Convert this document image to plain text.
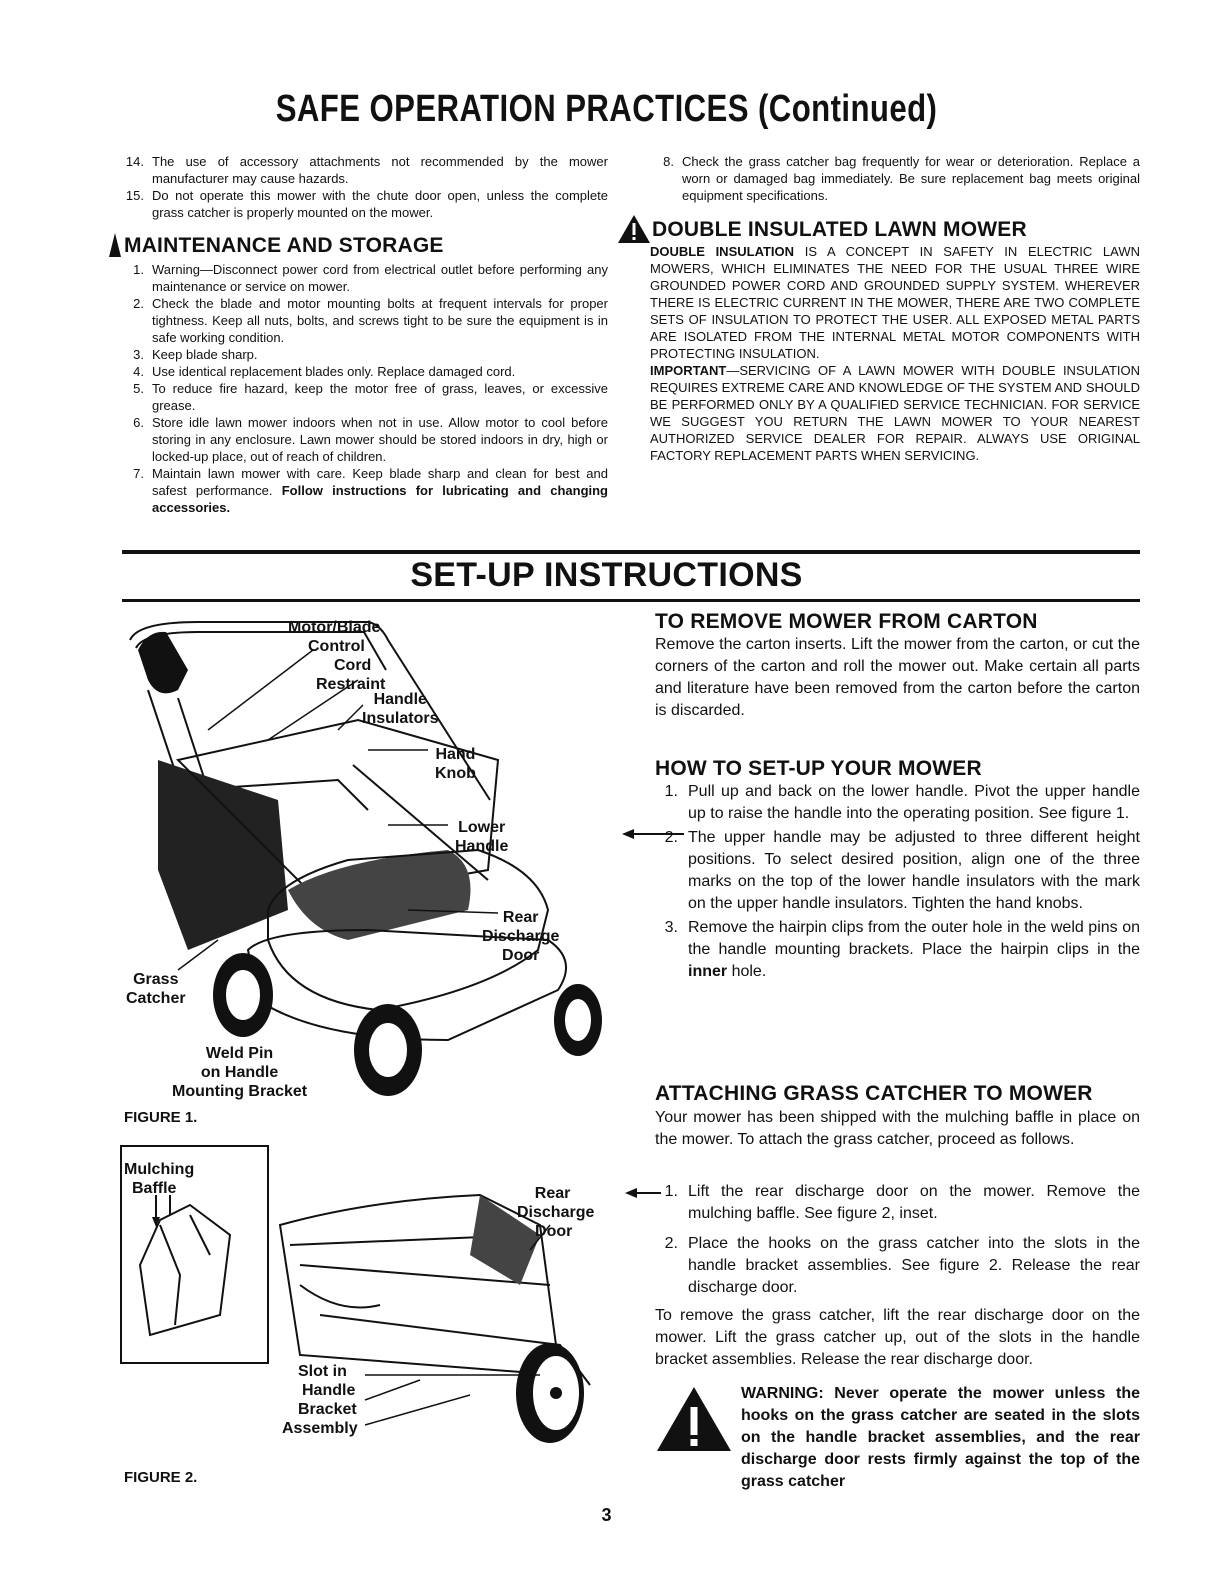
SAFE OPERATION PRACTICES (Continued)
14. The use of accessory attachments not recommended by the mower manufacturer may cause hazards.
15. Do not operate this mower with the chute door open, unless the complete grass catcher is properly mounted on the mower.
MAINTENANCE AND STORAGE
1. Warning—Disconnect power cord from electrical outlet before performing any maintenance or service on mower.
2. Check the blade and motor mounting bolts at frequent intervals for proper tightness. Keep all nuts, bolts, and screws tight to be sure the equipment is in safe working condition.
3. Keep blade sharp.
4. Use identical replacement blades only. Replace damaged cord.
5. To reduce fire hazard, keep the motor free of grass, leaves, or excessive grease.
6. Store idle lawn mower indoors when not in use. Allow motor to cool before storing in any enclosure. Lawn mower should be stored indoors in dry, high or locked-up place, out of reach of children.
7. Maintain lawn mower with care. Keep blade sharp and clean for best and safest performance. Follow instructions for lubricating and changing accessories.
8. Check the grass catcher bag frequently for wear or deterioration. Replace a worn or damaged bag immediately. Be sure replacement bag meets original equipment specifications.
DOUBLE INSULATED LAWN MOWER
DOUBLE INSULATION IS A CONCEPT IN SAFETY IN ELECTRIC LAWN MOWERS, WHICH ELIMINATES THE NEED FOR THE USUAL THREE WIRE GROUNDED POWER CORD AND GROUNDED SUPPLY SYSTEM. WHEREVER THERE IS ELECTRIC CURRENT IN THE MOWER, THERE ARE TWO COMPLETE SETS OF INSULATION TO PROTECT THE USER. ALL EXPOSED METAL PARTS ARE ISOLATED FROM THE INTERNAL METAL MOTOR COMPONENTS WITH PROTECTING INSULATION.
IMPORTANT—SERVICING OF A LAWN MOWER WITH DOUBLE INSULATION REQUIRES EXTREME CARE AND KNOWLEDGE OF THE SYSTEM AND SHOULD BE PERFORMED ONLY BY A QUALIFIED SERVICE TECHNICIAN. FOR SERVICE WE SUGGEST YOU RETURN THE LAWN MOWER TO YOUR NEAREST AUTHORIZED SERVICE DEALER FOR REPAIR. ALWAYS USE ORIGINAL FACTORY REPLACEMENT PARTS WHEN SERVICING.
SET-UP INSTRUCTIONS
TO REMOVE MOWER FROM CARTON
Remove the carton inserts. Lift the mower from the carton, or cut the corners of the carton and roll the mower out. Make certain all parts and literature have been removed from the carton before the carton is discarded.
HOW TO SET-UP YOUR MOWER
1. Pull up and back on the lower handle. Pivot the upper handle up to raise the handle into the operating position. See figure 1.
2. The upper handle may be adjusted to three different height positions. To select desired position, align one of the three marks on the top of the lower handle insulators with the mark on the upper handle insulators. Tighten the hand knobs.
3. Remove the hairpin clips from the outer hole in the weld pins on the handle mounting brackets. Place the hairpin clips in the inner hole.
ATTACHING GRASS CATCHER TO MOWER
Your mower has been shipped with the mulching baffle in place on the mower. To attach the grass catcher, proceed as follows.
1. Lift the rear discharge door on the mower. Remove the mulching baffle. See figure 2, inset.
2. Place the hooks on the grass catcher into the slots in the handle bracket assemblies. See figure 2. Release the rear discharge door.
To remove the grass catcher, lift the rear discharge door on the mower. Lift the grass catcher up, out of the slots in the handle bracket assemblies. Release the rear discharge door.
WARNING: Never operate the mower unless the hooks on the grass catcher are seated in the slots on the handle bracket assemblies, and the rear discharge door rests firmly against the top of the grass catcher
Motor/Blade
Control
Cord
Restraint
Handle
Insulators
Hand
Knob
Lower
Handle
Rear
Discharge
Door
Grass
Catcher
Weld Pin
on Handle
Mounting Bracket
FIGURE 1.
Mulching
Baffle	Rear
Discharge
Door
Slot in
Handle
Bracket
Assembly
FIGURE 2.
3
